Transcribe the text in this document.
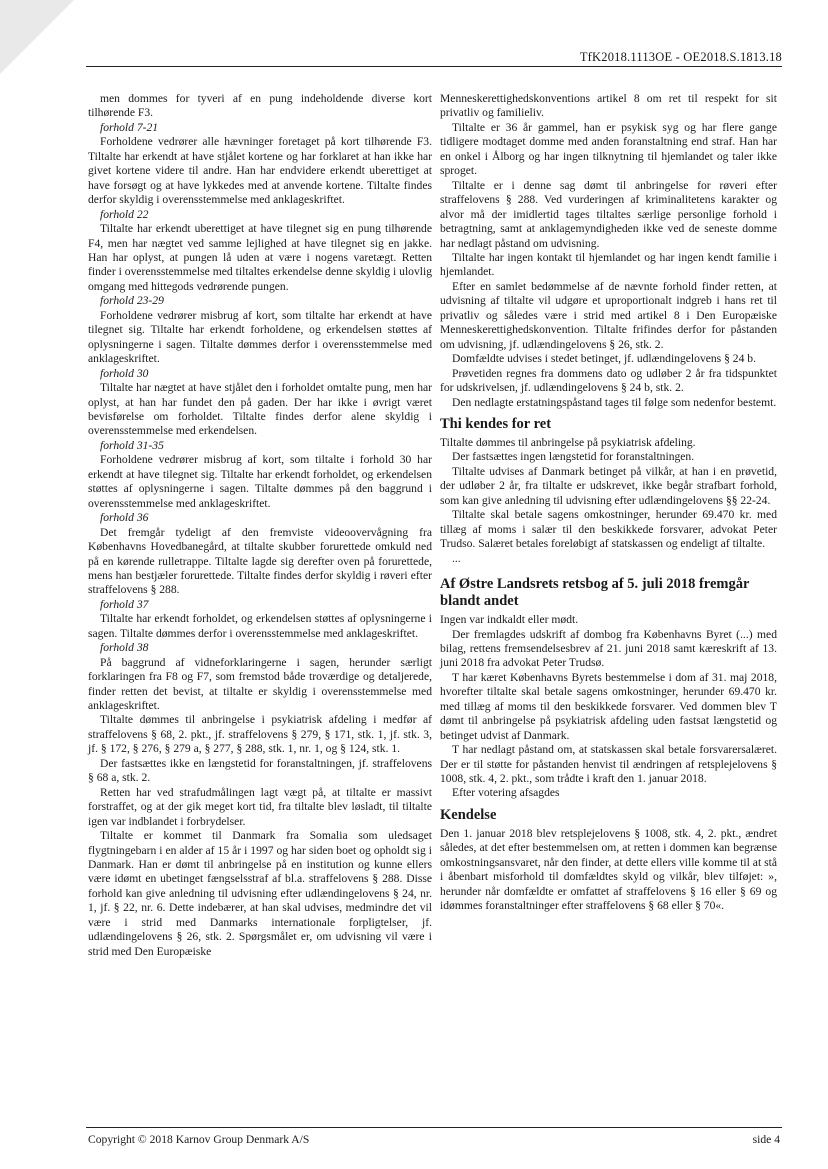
TfK2018.1113OE - OE2018.S.1813.18

men dommes for tyveri af en pung indeholdende diverse kort tilhørende F3.

forhold 7-21

Forholdene vedrører alle hævninger foretaget på kort tilhørende F3. Tiltalte har erkendt at have stjålet kortene og har forklaret at han ikke har givet kortene videre til andre. Han har endvidere erkendt uberettiget at have forsøgt og at have lykkedes med at anvende kortene. Tiltalte findes derfor skyldig i overensstemmelse med anklageskriftet.

forhold 22

Tiltalte har erkendt uberettiget at have tilegnet sig en pung tilhørende F4, men har nægtet ved samme lejlighed at have tilegnet sig en jakke. Han har oplyst, at pungen lå uden at være i nogens varetægt. Retten finder i overensstemmelse med tiltaltes erkendelse denne skyldig i ulovlig omgang med hittegods vedrørende pungen.

forhold 23-29

Forholdene vedrører misbrug af kort, som tiltalte har erkendt at have tilegnet sig. Tiltalte har erkendt forholdene, og erkendelsen støttes af oplysningerne i sagen. Tiltalte dømmes derfor i overensstemmelse med anklageskriftet.

forhold 30

Tiltalte har nægtet at have stjålet den i forholdet omtalte pung, men har oplyst, at han har fundet den på gaden. Der har ikke i øvrigt været bevisførelse om forholdet. Tiltalte findes derfor alene skyldig i overensstemmelse med erkendelsen.

forhold 31-35

Forholdene vedrører misbrug af kort, som tiltalte i forhold 30 har erkendt at have tilegnet sig. Tiltalte har erkendt forholdet, og erkendelsen støttes af oplysningerne i sagen. Tiltalte dømmes på den baggrund i overensstemmelse med anklageskriftet.

forhold 36

Det fremgår tydeligt af den fremviste videoovervågning fra Københavns Hovedbanegård, at tiltalte skubber forurettede omkuld ned på en kørende rulletrappe. Tiltalte lagde sig derefter oven på forurettede, mens han bestjæler forurettede. Tiltalte findes derfor skyldig i røveri efter straffelovens § 288.

forhold 37

Tiltalte har erkendt forholdet, og erkendelsen støttes af oplysningerne i sagen. Tiltalte dømmes derfor i overensstemmelse med anklageskriftet.

forhold 38

På baggrund af vidneforklaringerne i sagen, herunder særligt forklaringen fra F8 og F7, som fremstod både troværdige og detaljerede, finder retten det bevist, at tiltalte er skyldig i overensstemmelse med anklageskriftet.

Tiltalte dømmes til anbringelse i psykiatrisk afdeling i medfør af straffelovens § 68, 2. pkt., jf. straffelovens § 279, § 171, stk. 1, jf. stk. 3, jf. § 172, § 276, § 279 a, § 277, § 288, stk. 1, nr. 1, og § 124, stk. 1.

Der fastsættes ikke en længstetid for foranstaltningen, jf. straffelovens § 68 a, stk. 2.

Retten har ved strafudmålingen lagt vægt på, at tiltalte er massivt forstraffet, og at der gik meget kort tid, fra tiltalte blev løsladt, til tiltalte igen var indblandet i forbrydelser.

Tiltalte er kommet til Danmark fra Somalia som uledsaget flygtningebarn i en alder af 15 år i 1997 og har siden boet og opholdt sig i Danmark. Han er dømt til anbringelse på en institution og kunne ellers være idømt en ubetinget fængselsstraf af bl.a. straffelovens § 288. Disse forhold kan give anledning til udvisning efter udlændingelovens § 24, nr. 1, jf. § 22, nr. 6. Dette indebærer, at han skal udvises, medmindre det vil være i strid med Danmarks internationale forpligtelser, jf. udlændingelovens § 26, stk. 2. Spørgsmålet er, om udvisning vil være i strid med Den Europæiske

Menneskerettighedskonventions artikel 8 om ret til respekt for sit privatliv og familieliv.

Tiltalte er 36 år gammel, han er psykisk syg og har flere gange tidligere modtaget domme med anden foranstaltning end straf. Han har en onkel i Ålborg og har ingen tilknytning til hjemlandet og taler ikke sproget.

Tiltalte er i denne sag dømt til anbringelse for røveri efter straffelovens § 288. Ved vurderingen af kriminalitetens karakter og alvor må der imidlertid tages tiltaltes særlige personlige forhold i betragtning, samt at anklagemyndigheden ikke ved de seneste domme har nedlagt påstand om udvisning.

Tiltalte har ingen kontakt til hjemlandet og har ingen kendt familie i hjemlandet.

Efter en samlet bedømmelse af de nævnte forhold finder retten, at udvisning af tiltalte vil udgøre et uproportionalt indgreb i hans ret til privatliv og således være i strid med artikel 8 i Den Europæiske Menneskerettighedskonvention. Tiltalte frifindes derfor for påstanden om udvisning, jf. udlændingelovens § 26, stk. 2.

Domfældte udvises i stedet betinget, jf. udlændingelovens § 24 b.

Prøvetiden regnes fra dommens dato og udløber 2 år fra tidspunktet for udskrivelsen, jf. udlændingelovens § 24 b, stk. 2.

Den nedlagte erstatningspåstand tages til følge som nedenfor bestemt.

Thi kendes for ret

Tiltalte dømmes til anbringelse på psykiatrisk afdeling.

Der fastsættes ingen længstetid for foranstaltningen.

Tiltalte udvises af Danmark betinget på vilkår, at han i en prøvetid, der udløber 2 år, fra tiltalte er udskrevet, ikke begår strafbart forhold, som kan give anledning til udvisning efter udlændingelovens §§ 22-24.

Tiltalte skal betale sagens omkostninger, herunder 69.470 kr. med tillæg af moms i salær til den beskikkede forsvarer, advokat Peter Trudso. Salæret betales foreløbigt af statskassen og endeligt af tiltalte.

...

Af Østre Landsrets retsbog af 5. juli 2018 fremgår blandt andet

Ingen var indkaldt eller mødt.

Der fremlagdes udskrift af dombog fra Københavns Byret (...) med bilag, rettens fremsendelsesbrev af 21. juni 2018 samt kæreskrift af 13. juni 2018 fra advokat Peter Trudsø.

T har kæret Københavns Byrets bestemmelse i dom af 31. maj 2018, hvorefter tiltalte skal betale sagens omkostninger, herunder 69.470 kr. med tillæg af moms til den beskikkede forsvarer. Ved dommen blev T dømt til anbringelse på psykiatrisk afdeling uden fastsat længstetid og betinget udvist af Danmark.

T har nedlagt påstand om, at statskassen skal betale forsvarersalæret. Der er til støtte for påstanden henvist til ændringen af retsplejelovens § 1008, stk. 4, 2. pkt., som trådte i kraft den 1. januar 2018.

Efter votering afsagdes

Kendelse

Den 1. januar 2018 blev retsplejelovens § 1008, stk. 4, 2. pkt., ændret således, at det efter bestemmelsen om, at retten i dommen kan begrænse omkostningsansvaret, når den finder, at dette ellers ville komme til at stå i åbenbart misforhold til domfældtes skyld og vilkår, blev tilføjet: », herunder når domfældte er omfattet af straffelovens § 16 eller § 69 og idømmes foranstaltninger efter straffelovens § 68 eller § 70«.

Copyright © 2018 Karnov Group Denmark A/S	side 4
